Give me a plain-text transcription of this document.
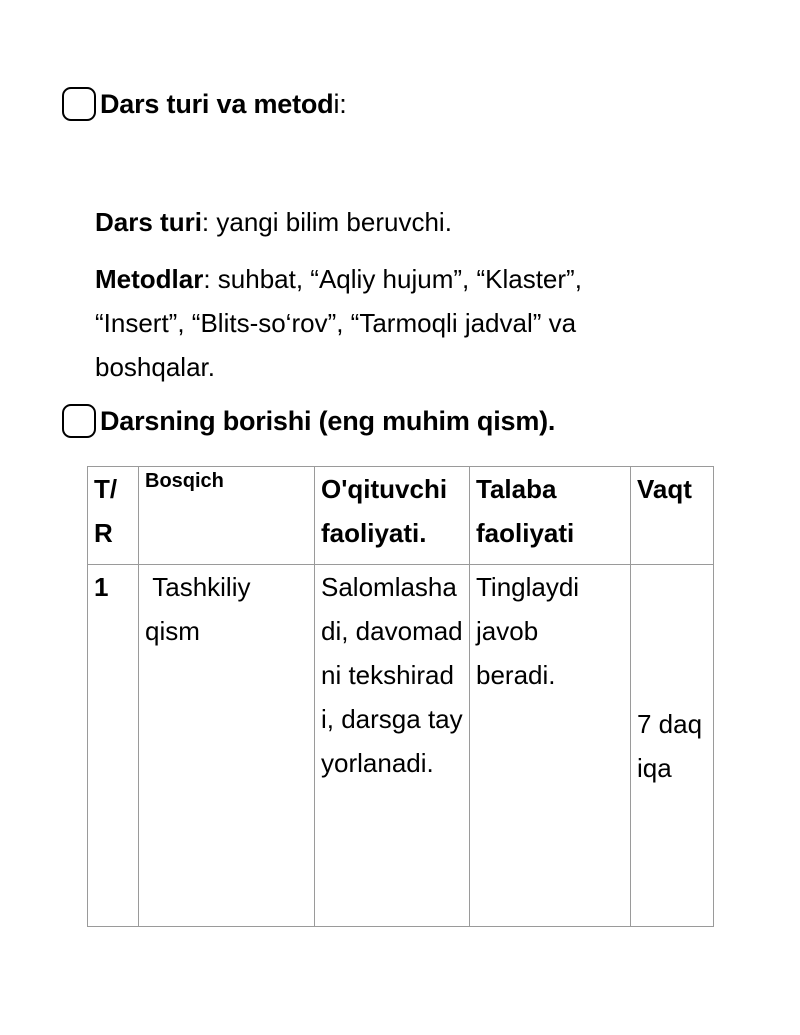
Dars turi va metod i:
Dars turi: yangi bilim beruvchi.
Metodlar: suhbat, “Aqliy hujum”, “Klaster”, “Insert”, “Blits-so‘rov”, “Tarmoqli jadval” va boshqalar.
Darsning borishi (eng muhim qism).
T/ R	Bosqich	O'qituvchi faoliyati.	Talaba faoliyati	Vaqt
1	Tashkiliy qism	Salomlashadi, davomadni tekshiradi, darsga tayyorlanadi.	Tinglaydi javob beradi.	7 daqiqa
